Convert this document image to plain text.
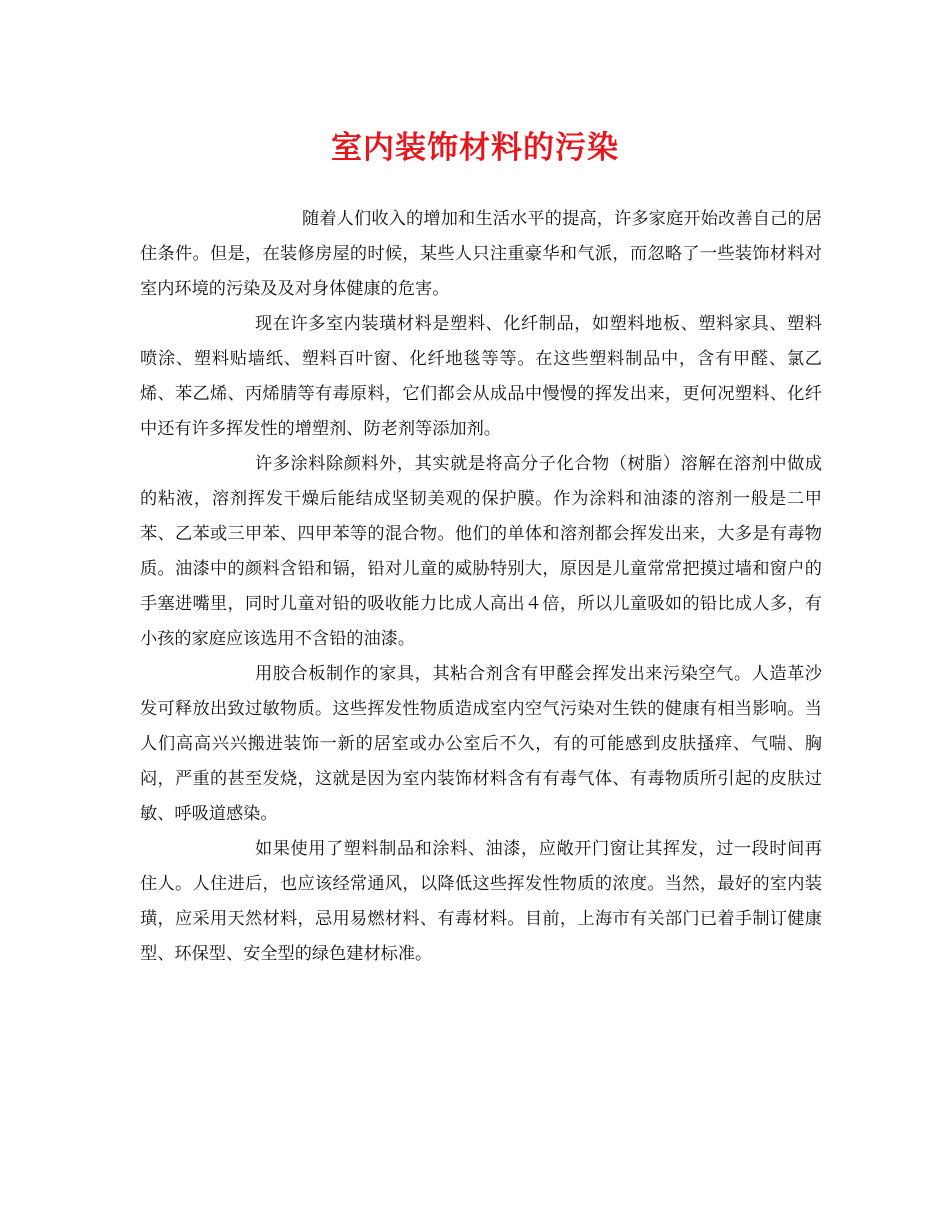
室内装饰材料的污染

随着人们收入的增加和生活水平的提高，许多家庭开始改善自己的居住条件。但是，在装修房屋的时候，某些人只注重豪华和气派，而忽略了一些装饰材料对室内环境的污染及及对身体健康的危害。

现在许多室内装璜材料是塑料、化纤制品，如塑料地板、塑料家具、塑料喷涂、塑料贴墙纸、塑料百叶窗、化纤地毯等等。在这些塑料制品中，含有甲醛、氯乙烯、苯乙烯、丙烯腈等有毒原料，它们都会从成品中慢慢的挥发出来，更何况塑料、化纤中还有许多挥发性的增塑剂、防老剂等添加剂。

许多涂料除颜料外，其实就是将高分子化合物（树脂）溶解在溶剂中做成的粘液，溶剂挥发干燥后能结成坚韧美观的保护膜。作为涂料和油漆的溶剂一般是二甲苯、乙苯或三甲苯、四甲苯等的混合物。他们的单体和溶剂都会挥发出来，大多是有毒物质。油漆中的颜料含铅和镉，铅对儿童的威胁特别大，原因是儿童常常把摸过墙和窗户的手塞进嘴里，同时儿童对铅的吸收能力比成人高出４倍，所以儿童吸如的铅比成人多，有小孩的家庭应该选用不含铅的油漆。

用胶合板制作的家具，其粘合剂含有甲醛会挥发出来污染空气。人造革沙发可释放出致过敏物质。这些挥发性物质造成室内空气污染对生铁的健康有相当影响。当人们高高兴兴搬进装饰一新的居室或办公室后不久，有的可能感到皮肤搔痒、气喘、胸闷，严重的甚至发烧，这就是因为室内装饰材料含有有毒气体、有毒物质所引起的皮肤过敏、呼吸道感染。

如果使用了塑料制品和涂料、油漆，应敞开门窗让其挥发，过一段时间再住人。人住进后，也应该经常通风，以降低这些挥发性物质的浓度。当然，最好的室内装璜，应采用天然材料，忌用易燃材料、有毒材料。目前，上海市有关部门已着手制订健康型、环保型、安全型的绿色建材标准。
